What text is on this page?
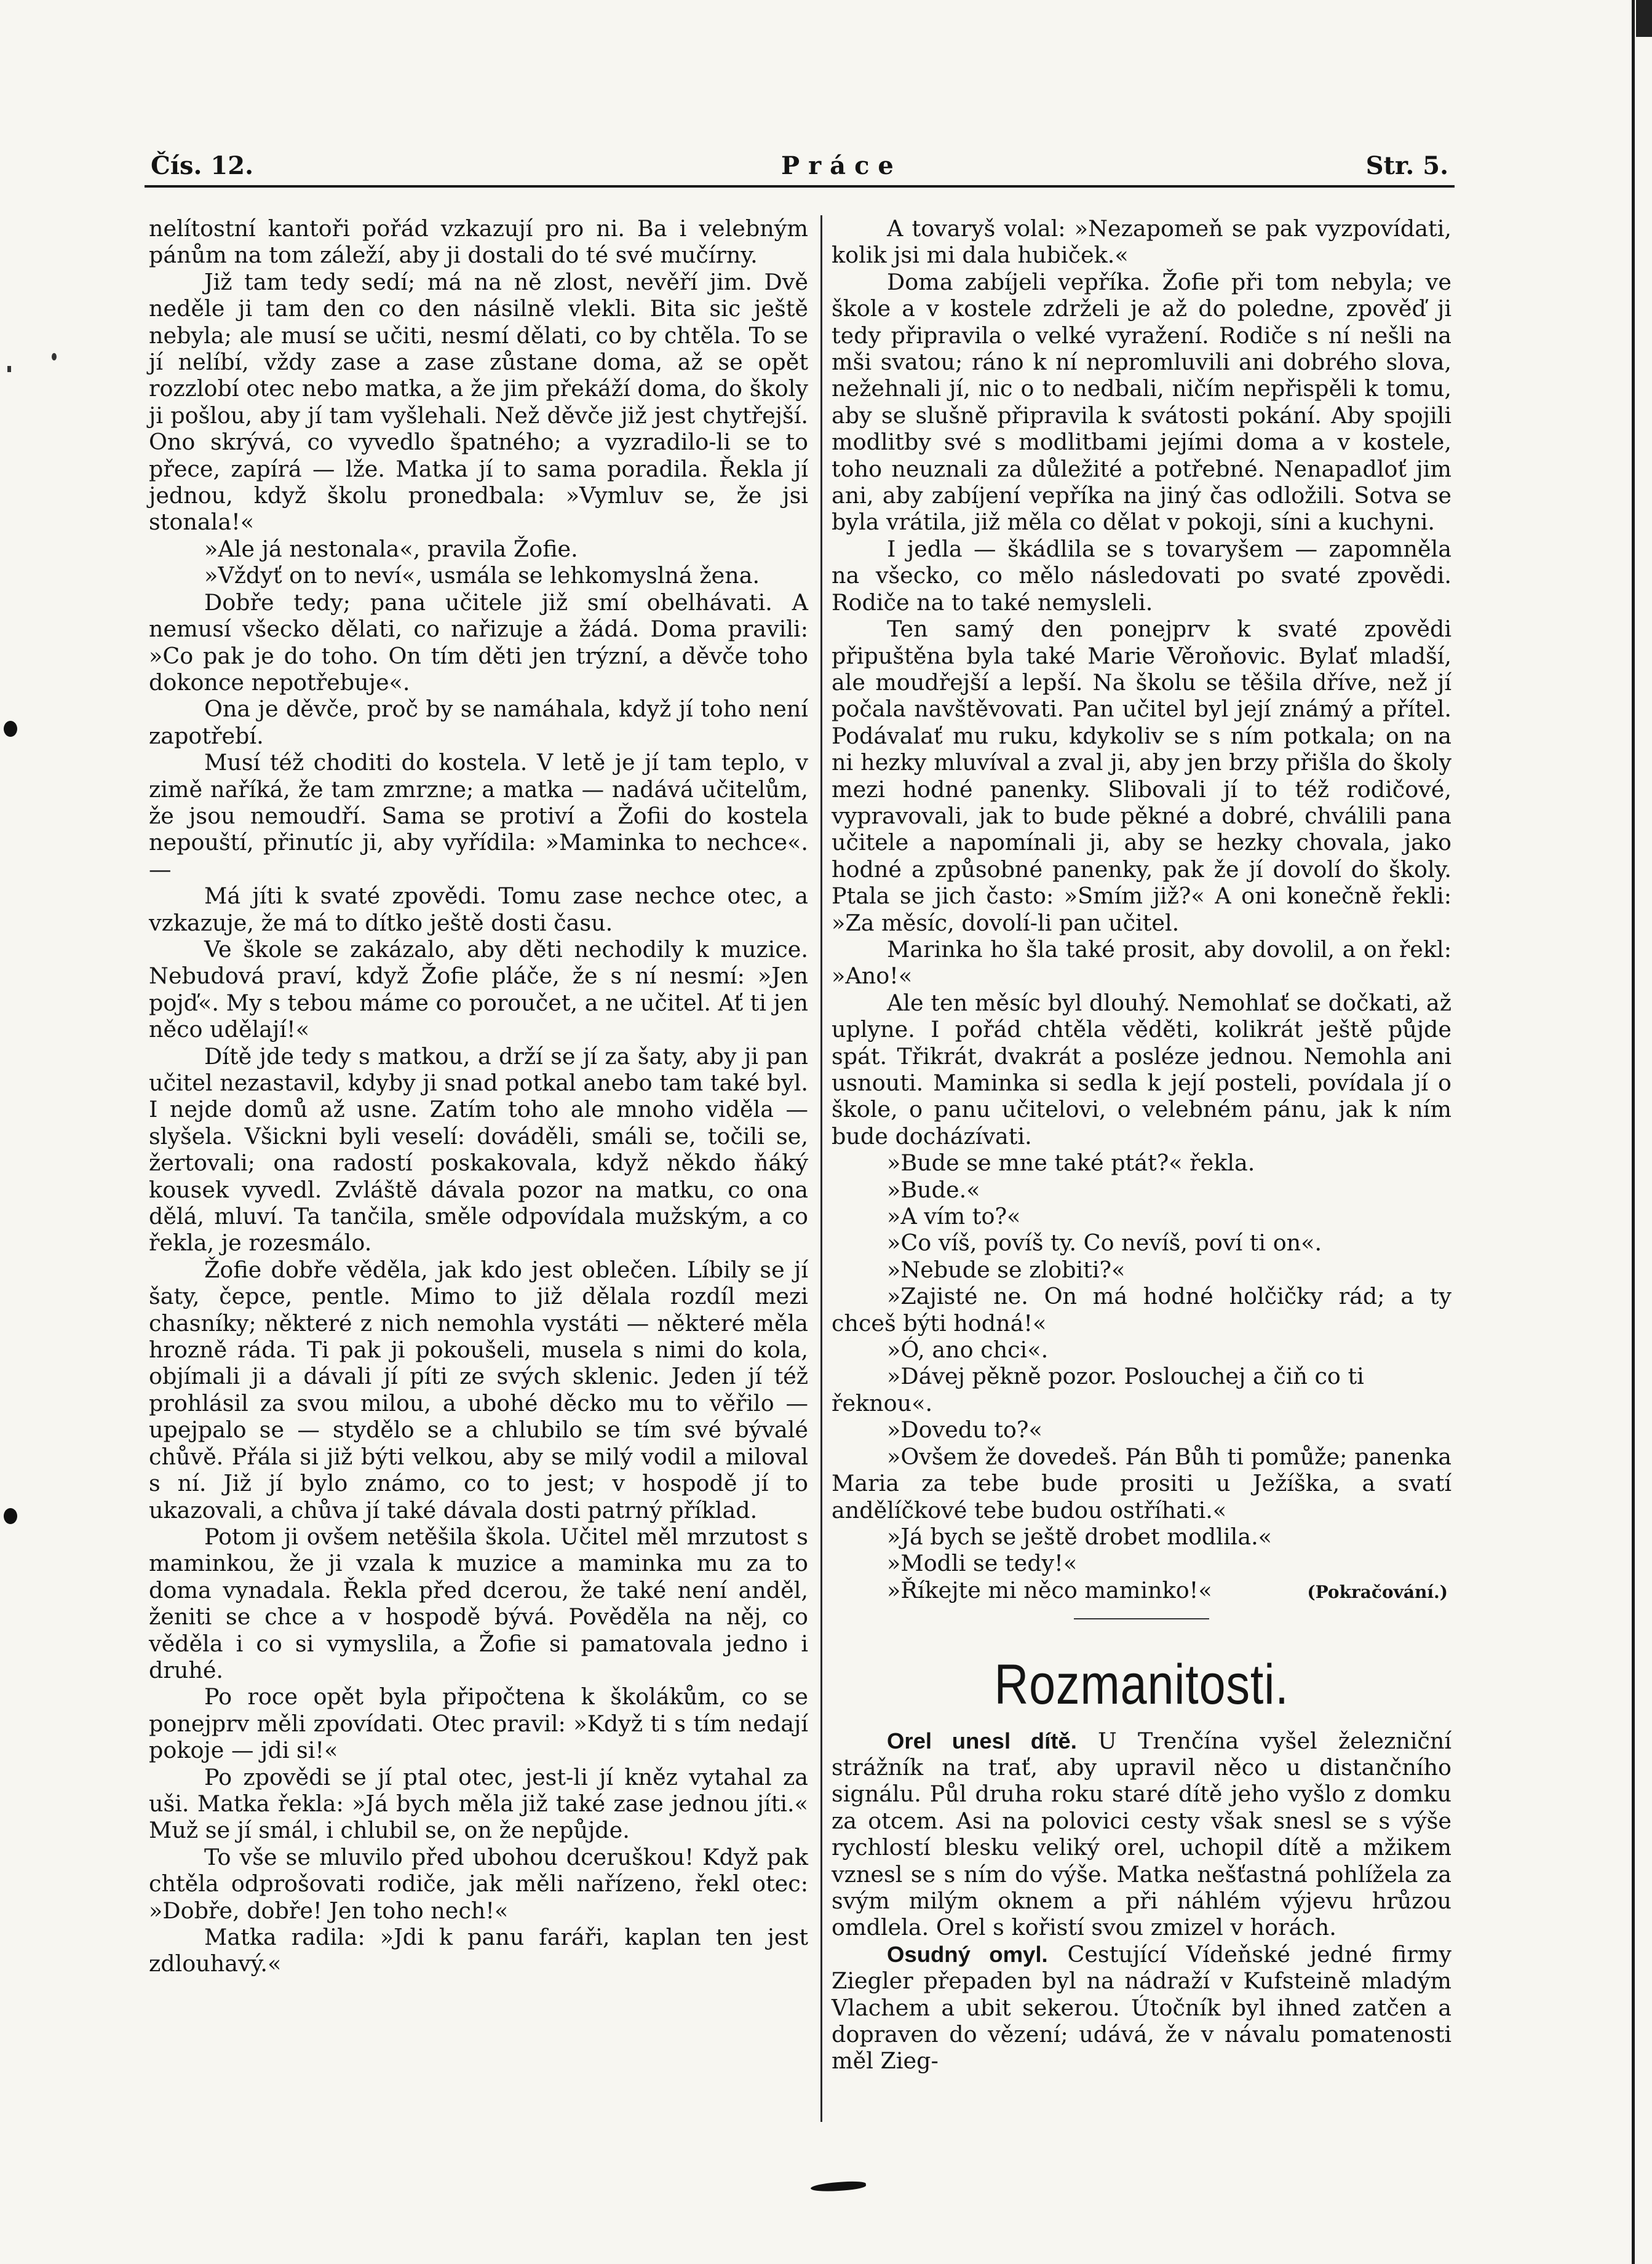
Čís. 12.	Práce	Str. 5.

nelítostní kantoři pořád vzkazují pro ni. Ba i velebným pánům na tom záleží, aby ji dostali do té své mučírny.

Již tam tedy sedí; má na ně zlost, nevěří jim. Dvě neděle ji tam den co den násilně vlekli. Bita sic ještě nebyla; ale musí se učiti, nesmí dělati, co by chtěla. To se jí nelíbí, vždy zase a zase zůstane doma, až se opět rozzlobí otec nebo matka, a že jim překáží doma, do školy ji pošlou, aby jí tam vyšlehali. Než děvče již jest chytřejší. Ono skrývá, co vyvedlo špatného; a vyzradilo-li se to přece, zapírá — lže. Matka jí to sama poradila. Řekla jí jednou, když školu pronedbala: »Vymluv se, že jsi stonala!«

»Ale já nestonala«, pravila Žofie.

»Vždyť on to neví«, usmála se lehkomyslná žena.

Dobře tedy; pana učitele již smí obelhávati. A nemusí všecko dělati, co nařizuje a žádá. Doma pravili: »Co pak je do toho. On tím děti jen trýzní, a děvče toho dokonce nepotřebuje«.

Ona je děvče, proč by se namáhala, když jí toho není zapotřebí.

Musí též choditi do kostela. V letě je jí tam teplo, v zimě naříká, že tam zmrzne; a matka — nadává učitelům, že jsou nemoudří. Sama se protiví a Žofii do kostela nepouští, přinutíc ji, aby vyřídila: »Maminka to nechce«. —

Má jíti k svaté zpovědi. Tomu zase nechce otec, a vzkazuje, že má to dítko ještě dosti času.

Ve škole se zakázalo, aby děti nechodily k muzice. Nebudová praví, když Žofie pláče, že s ní nesmí: »Jen pojď«. My s tebou máme co poroučet, a ne učitel. Ať ti jen něco udělají!«

Dítě jde tedy s matkou, a drží se jí za šaty, aby ji pan učitel nezastavil, kdyby ji snad potkal anebo tam také byl. I nejde domů až usne. Zatím toho ale mnoho viděla — slyšela. Všickni byli veselí: dováděli, smáli se, točili se, žertovali; ona radostí poskakovala, když někdo ňáký kousek vyvedl. Zvláště dávala pozor na matku, co ona dělá, mluví. Ta tančila, směle odpovídala mužským, a co řekla, je rozesmálo.

Žofie dobře věděla, jak kdo jest oblečen. Líbily se jí šaty, čepce, pentle. Mimo to již dělala rozdíl mezi chasníky; některé z nich nemohla vystáti — některé měla hrozně ráda. Ti pak ji pokoušeli, musela s nimi do kola, objímali ji a dávali jí píti ze svých sklenic. Jeden jí též prohlásil za svou milou, a ubohé děcko mu to věřilo — upejpalo se — stydělo se a chlubilo se tím své bývalé chůvě. Přála si již býti velkou, aby se milý vodil a miloval s ní. Již jí bylo známo, co to jest; v hospodě jí to ukazovali, a chůva jí také dávala dosti patrný příklad.

Potom ji ovšem netěšila škola. Učitel měl mrzutost s maminkou, že ji vzala k muzice a maminka mu za to doma vynadala. Řekla před dcerou, že také není anděl, ženiti se chce a v hospodě bývá. Pověděla na něj, co věděla i co si vymyslila, a Žofie si pamatovala jedno i druhé.

Po roce opět byla připočtena k školákům, co se ponejprv měli zpovídati. Otec pravil: »Když ti s tím nedají pokoje — jdi si!«

Po zpovědi se jí ptal otec, jest-li jí kněz vytahal za uši. Matka řekla: »Já bych měla již také zase jednou jíti.« Muž se jí smál, i chlubil se, on že nepůjde.

To vše se mluvilo před ubohou dceruškou! Když pak chtěla odprošovati rodiče, jak měli nařízeno, řekl otec: »Dobře, dobře! Jen toho nech!«

Matka radila: »Jdi k panu faráři, kaplan ten jest zdlouhavý.«

A tovaryš volal: »Nezapomeň se pak vyzpovídati, kolik jsi mi dala hubiček.«

Doma zabíjeli vepříka. Žofie při tom nebyla; ve škole a v kostele zdrželi je až do poledne, zpověď ji tedy připravila o velké vyražení. Rodiče s ní nešli na mši svatou; ráno k ní nepromluvili ani dobrého slova, nežehnali jí, nic o to nedbali, ničím nepřispěli k tomu, aby se slušně připravila k svátosti pokání. Aby spojili modlitby své s modlitbami jejími doma a v kostele, toho neuznali za důležité a potřebné. Nenapadloť jim ani, aby zabíjení vepříka na jiný čas odložili. Sotva se byla vrátila, již měla co dělat v pokoji, síni a kuchyni.

I jedla — škádlila se s tovaryšem — zapomněla na všecko, co mělo následovati po svaté zpovědi. Rodiče na to také nemysleli.

Ten samý den ponejprv k svaté zpovědi připuštěna byla také Marie Věroňovic. Bylať mladší, ale moudřejší a lepší. Na školu se těšila dříve, než jí počala navštěvovati. Pan učitel byl její známý a přítel. Podávalať mu ruku, kdykoliv se s ním potkala; on na ni hezky mluvíval a zval ji, aby jen brzy přišla do školy mezi hodné panenky. Slibovali jí to též rodičové, vypravovali, jak to bude pěkné a dobré, chválili pana učitele a napomínali ji, aby se hezky chovala, jako hodné a způsobné panenky, pak že jí dovolí do školy. Ptala se jich často: »Smím již?« A oni konečně řekli: »Za měsíc, dovolí-li pan učitel.

Marinka ho šla také prosit, aby dovolil, a on řekl: »Ano!«

Ale ten měsíc byl dlouhý. Nemohlať se dočkati, až uplyne. I pořád chtěla věděti, kolikrát ještě půjde spát. Třikrát, dvakrát a posléze jednou. Nemohla ani usnouti. Maminka si sedla k její posteli, povídala jí o škole, o panu učitelovi, o velebném pánu, jak k ním bude docházívati.

»Bude se mne také ptát?« řekla.

»Bude.«

»A vím to?«

»Co víš, povíš ty. Co nevíš, poví ti on«.

»Nebude se zlobiti?«

»Zajisté ne. On má hodné holčičky rád; a ty chceš býti hodná!«

»Ó, ano chci«.

»Dávej pěkně pozor. Poslouchej a čiň co ti řeknou«.

»Dovedu to?«

»Ovšem že dovedeš. Pán Bůh ti pomůže; panenka Maria za tebe bude prositi u Ježíška, a svatí andělíčkové tebe budou ostříhati.«

»Já bych se ještě drobet modlila.«

»Modli se tedy!«

»Říkejte mi něco maminko!«	(Pokračování.)

Rozmanitosti.

Orel unesl dítě. U Trenčína vyšel železniční strážník na trať, aby upravil něco u distančního signálu. Půl druha roku staré dítě jeho vyšlo z domku za otcem. Asi na polovici cesty však snesl se s výše rychlostí blesku veliký orel, uchopil dítě a mžikem vznesl se s ním do výše. Matka nešťastná pohlížela za svým milým oknem a při náhlém výjevu hrůzou omdlela. Orel s kořistí svou zmizel v horách.

Osudný omyl. Cestující Vídeňské jedné firmy Ziegler přepaden byl na nádraží v Kufsteině mladým Vlachem a ubit sekerou. Útočník byl ihned zatčen a dopraven do vězení; udává, že v návalu pomatenosti měl Zieg-
